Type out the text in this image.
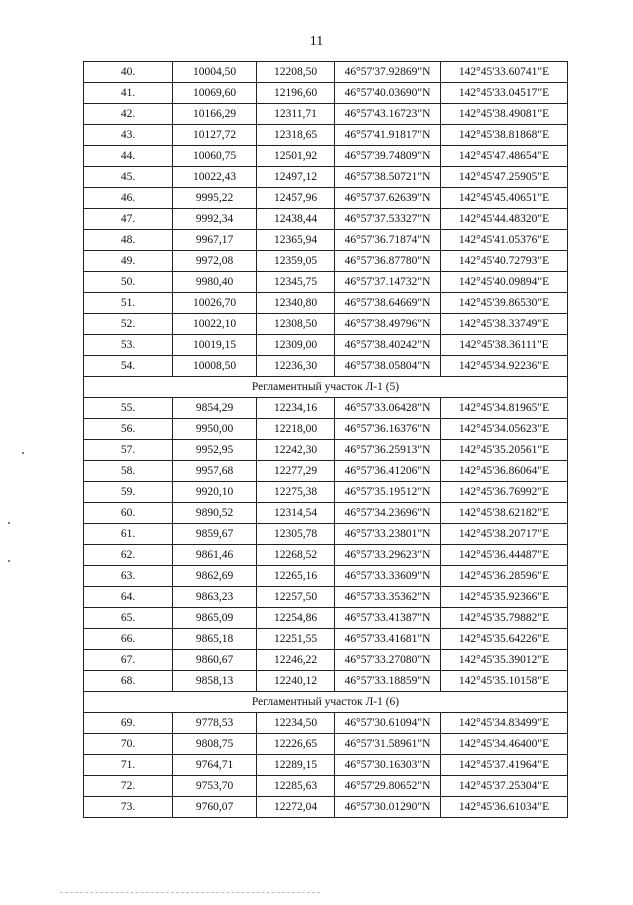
11
40.	10004,50	12208,50	46°57'37.92869"N	142°45'33.60741"E
41.	10069,60	12196,60	46°57'40.03690"N	142°45'33.04517"E
42.	10166,29	12311,71	46°57'43.16723"N	142°45'38.49081"E
43.	10127,72	12318,65	46°57'41.91817"N	142°45'38.81868"E
44.	10060,75	12501,92	46°57'39.74809"N	142°45'47.48654"E
45.	10022,43	12497,12	46°57'38.50721"N	142°45'47.25905"E
46.	9995,22	12457,96	46°57'37.62639"N	142°45'45.40651"E
47.	9992,34	12438,44	46°57'37.53327"N	142°45'44.48320"E
48.	9967,17	12365,94	46°57'36.71874"N	142°45'41.05376"E
49.	9972,08	12359,05	46°57'36.87780"N	142°45'40.72793"E
50.	9980,40	12345,75	46°57'37.14732"N	142°45'40.09894"E
51.	10026,70	12340,80	46°57'38.64669"N	142°45'39.86530"E
52.	10022,10	12308,50	46°57'38.49796"N	142°45'38.33749"E
53.	10019,15	12309,00	46°57'38.40242"N	142°45'38.36111"E
54.	10008,50	12236,30	46°57'38.05804"N	142°45'34.92236"E
Регламентный участок Л-1 (5)				
55.	9854,29	12234,16	46°57'33.06428"N	142°45'34.81965"E
56.	9950,00	12218,00	46°57'36.16376"N	142°45'34.05623"E
57.	9952,95	12242,30	46°57'36.25913"N	142°45'35.20561"E
58.	9957,68	12277,29	46°57'36.41206"N	142°45'36.86064"E
59.	9920,10	12275,38	46°57'35.19512"N	142°45'36.76992"E
60.	9890,52	12314,54	46°57'34.23696"N	142°45'38.62182"E
61.	9859,67	12305,78	46°57'33.23801"N	142°45'38.20717"E
62.	9861,46	12268,52	46°57'33.29623"N	142°45'36.44487"E
63.	9862,69	12265,16	46°57'33.33609"N	142°45'36.28596"E
64.	9863,23	12257,50	46°57'33.35362"N	142°45'35.92366"E
65.	9865,09	12254,86	46°57'33.41387"N	142°45'35.79882"E
66.	9865,18	12251,55	46°57'33.41681"N	142°45'35.64226"E
67.	9860,67	12246,22	46°57'33.27080"N	142°45'35.39012"E
68.	9858,13	12240,12	46°57'33.18859"N	142°45'35.10158"E
Регламентный участок Л-1 (6)				
69.	9778,53	12234,50	46°57'30.61094"N	142°45'34.83499"E
70.	9808,75	12226,65	46°57'31.58961"N	142°45'34.46400"E
71.	9764,71	12289,15	46°57'30.16303"N	142°45'37.41964"E
72.	9753,70	12285,63	46°57'29.80652"N	142°45'37.25304"E
73.	9760,07	12272,04	46°57'30.01290"N	142°45'36.61034"E
